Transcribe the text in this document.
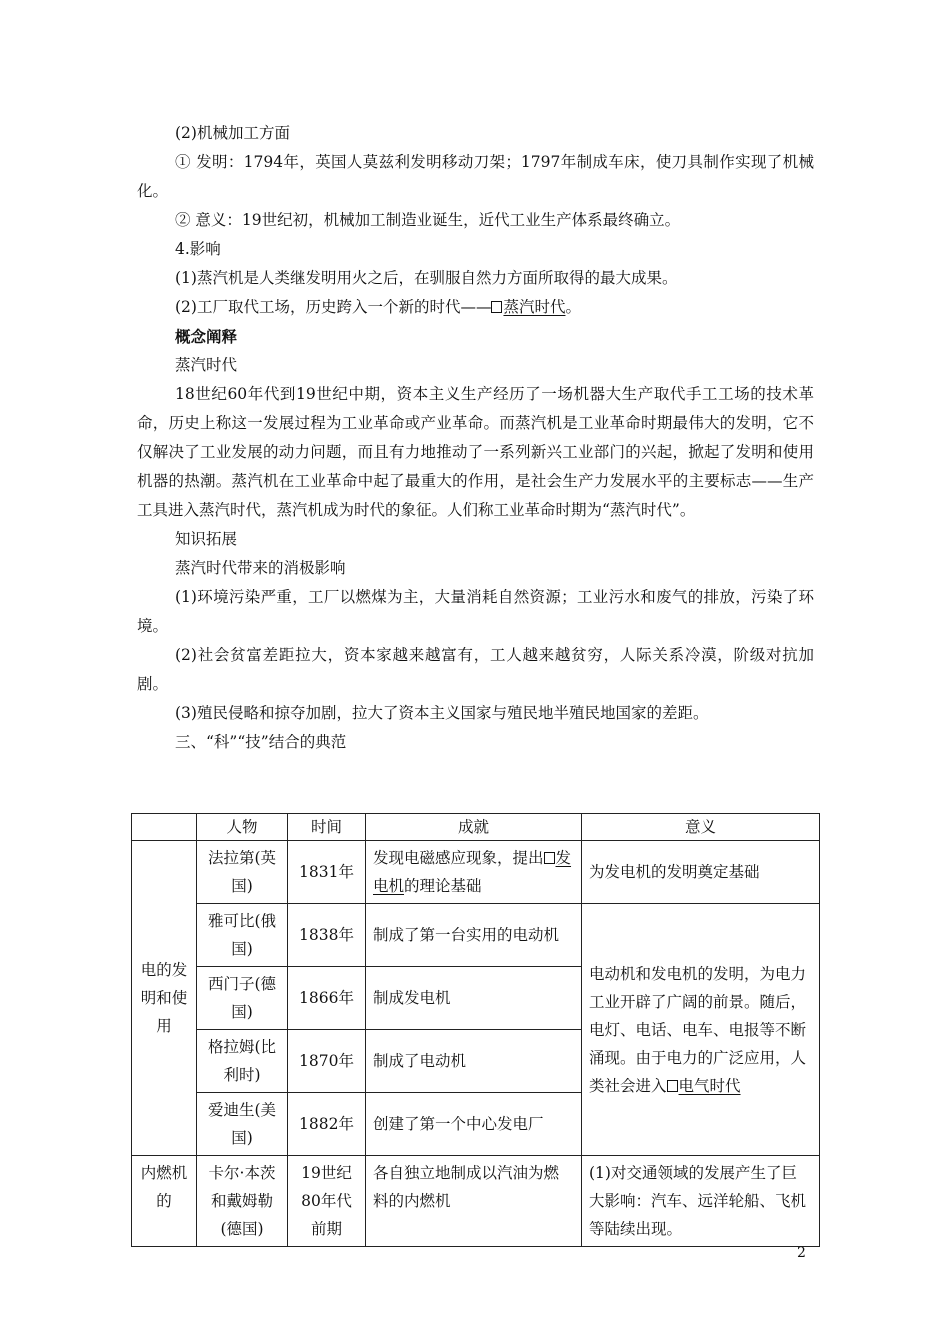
(2)机械加工方面

① 发明：1794年，英国人莫兹利发明移动刀架；1797年制成车床，使刀具制作实现了机械化。

② 意义：19世纪初，机械加工制造业诞生，近代工业生产体系最终确立。

4.影响

(1)蒸汽机是人类继发明用火之后，在驯服自然力方面所取得的最大成果。

(2)工厂取代工场，历史跨入一个新的时代—— 蒸汽时代。

概念阐释

蒸汽时代

18世纪60年代到19世纪中期，资本主义生产经历了一场机器大生产取代手工工场的技术革命，历史上称这一发展过程为工业革命或产业革命。而蒸汽机是工业革命时期最伟大的发明，它不仅解决了工业发展的动力问题，而且有力地推动了一系列新兴工业部门的兴起，掀起了发明和使用机器的热潮。蒸汽机在工业革命中起了最重大的作用，是社会生产力发展水平的主要标志——生产工具进入蒸汽时代，蒸汽机成为时代的象征。人们称工业革命时期为“蒸汽时代”。

知识拓展

蒸汽时代带来的消极影响

(1)环境污染严重，工厂以燃煤为主，大量消耗自然资源；工业污水和废气的排放，污染了环境。

(2)社会贫富差距拉大，资本家越来越富有，工人越来越贫穷，人际关系冷漠，阶级对抗加剧。

(3)殖民侵略和掠夺加剧，拉大了资本主义国家与殖民地半殖民地国家的差距。

三、“科”“技”结合的典范

	人物	时间	成就	意义
电的发明和使用	法拉第(英国)	1831年	发现电磁感应现象，提出 发电机的理论基础	为发电机的发明奠定基础
	雅可比(俄国)	1838年	制成了第一台实用的电动机	电动机和发电机的发明，为电力工业开辟了广阔的前景。随后，电灯、电话、电车、电报等不断涌现。由于电力的广泛应用，人类社会进入 电气时代
	西门子(德国)	1866年	制成发电机	
	格拉姆(比利时)	1870年	制成了电动机	
	爱迪生(美国)	1882年	创建了第一个中心发电厂	
内燃机的	卡尔·本茨和戴姆勒(德国)	19世纪80年代前期	各自独立地制成以汽油为燃料的内燃机	(1)对交通领域的发展产生了巨大影响：汽车、远洋轮船、飞机等陆续出现。
2
